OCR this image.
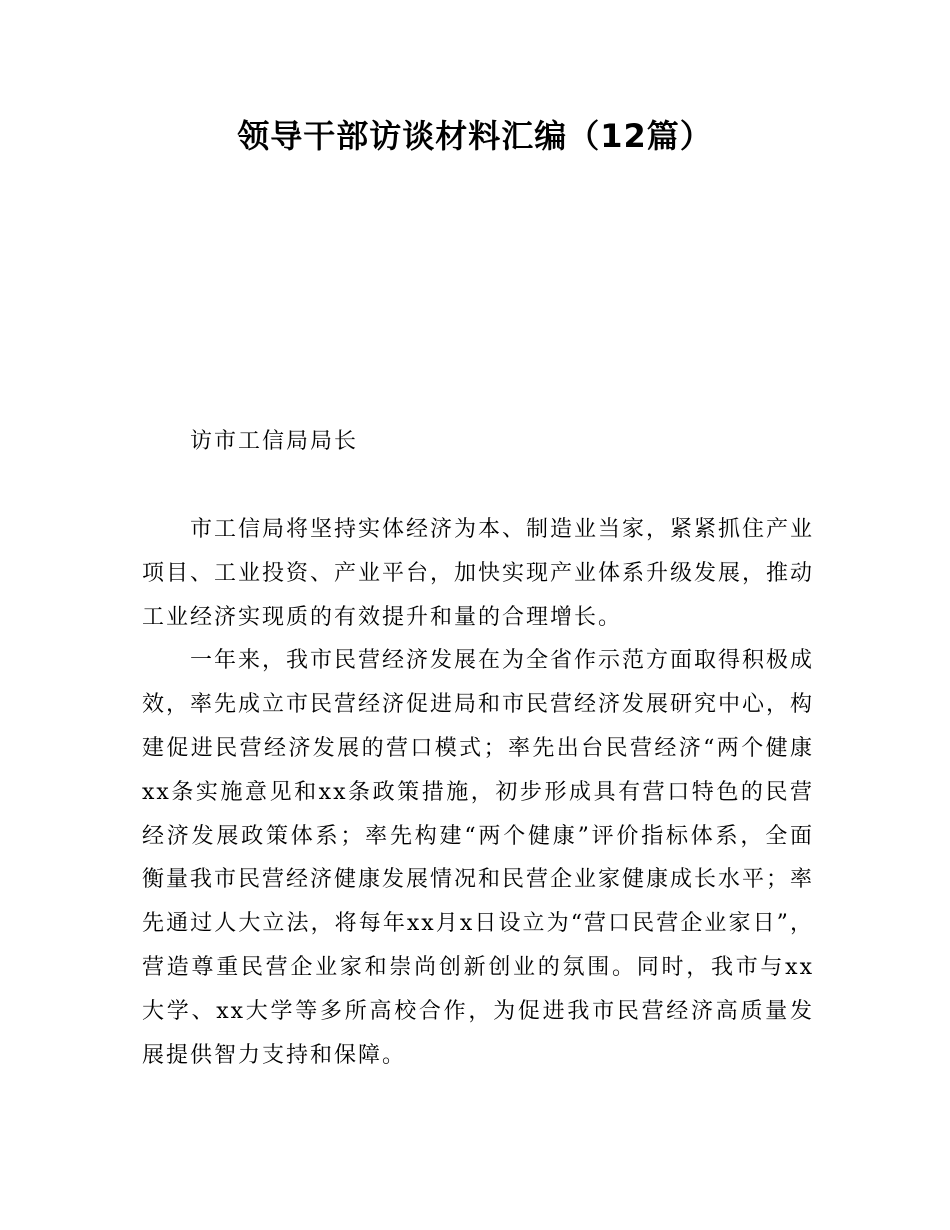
领导干部访谈材料汇编（12篇）

访市工信局局长

市工信局将坚持实体经济为本、制造业当家，紧紧抓住产业项目、工业投资、产业平台，加快实现产业体系升级发展，推动工业经济实现质的有效提升和量的合理增长。

一年来，我市民营经济发展在为全省作示范方面取得积极成效，率先成立市民营经济促进局和市民营经济发展研究中心，构建促进民营经济发展的营口模式；率先出台民营经济“两个健康xx条实施意见和xx条政策措施，初步形成具有营口特色的民营经济发展政策体系；率先构建“两个健康”评价指标体系，全面衡量我市民营经济健康发展情况和民营企业家健康成长水平；率先通过人大立法，将每年xx月x日设立为“营口民营企业家日”，营造尊重民营企业家和崇尚创新创业的氛围。同时，我市与xx大学、xx大学等多所高校合作，为促进我市民营经济高质量发展提供智力支持和保障。
